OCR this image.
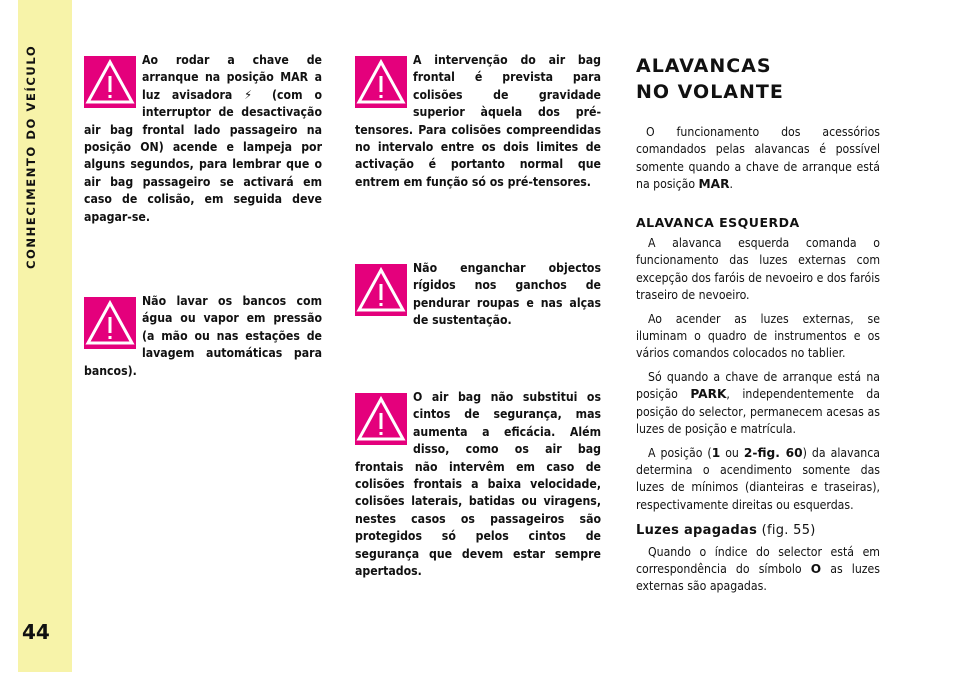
CONHECIMENTO DO VEÍCULO
44
Ao rodar a chave de arranque na posição MAR a luz avisadora ⚡ (com o interruptor de desactivação air bag frontal lado passageiro na posição ON) acende e lampeja por alguns segundos, para lembrar que o air bag passageiro se activará em caso de colisão, em seguida deve apagar-se.
Não lavar os bancos com água ou vapor em pressão (a mão ou nas estações de lavagem automáticas para bancos).
A intervenção do air bag frontal é prevista para colisões de gravidade superior àquela dos pré-tensores. Para colisões compreendidas no intervalo entre os dois limites de activação é portanto normal que entrem em função só os pré-tensores.
Não enganchar objectos rígidos nos ganchos de pendurar roupas e nas alças de sustentação.
O air bag não substitui os cintos de segurança, mas aumenta a eficácia. Além disso, como os air bag frontais não intervêm em caso de colisões frontais a baixa velocidade, colisões laterais, batidas ou viragens, nestes casos os passageiros são protegidos só pelos cintos de segurança que devem estar sempre apertados.
ALAVANCAS
NO VOLANTE

O funcionamento dos acessórios comandados pelas alavancas é possível somente quando a chave de arranque está na posição MAR.

ALAVANCA ESQUERDA

A alavanca esquerda comanda o funcionamento das luzes externas com excepção dos faróis de nevoeiro e dos faróis traseiro de nevoeiro.

Ao acender as luzes externas, se iluminam o quadro de instrumentos e os vários comandos colocados no tablier.

Só quando a chave de arranque está na posição PARK, independentemente da posição do selector, permanecem acesas as luzes de posição e matrícula.

A posição (1 ou 2-fig. 60) da alavanca determina o acendimento somente das luzes de mínimos (dianteiras e traseiras), respectivamente direitas ou esquerdas.

Luzes apagadas (fig. 55)

Quando o índice do selector está em correspondência do símbolo O as luzes externas são apagadas.
